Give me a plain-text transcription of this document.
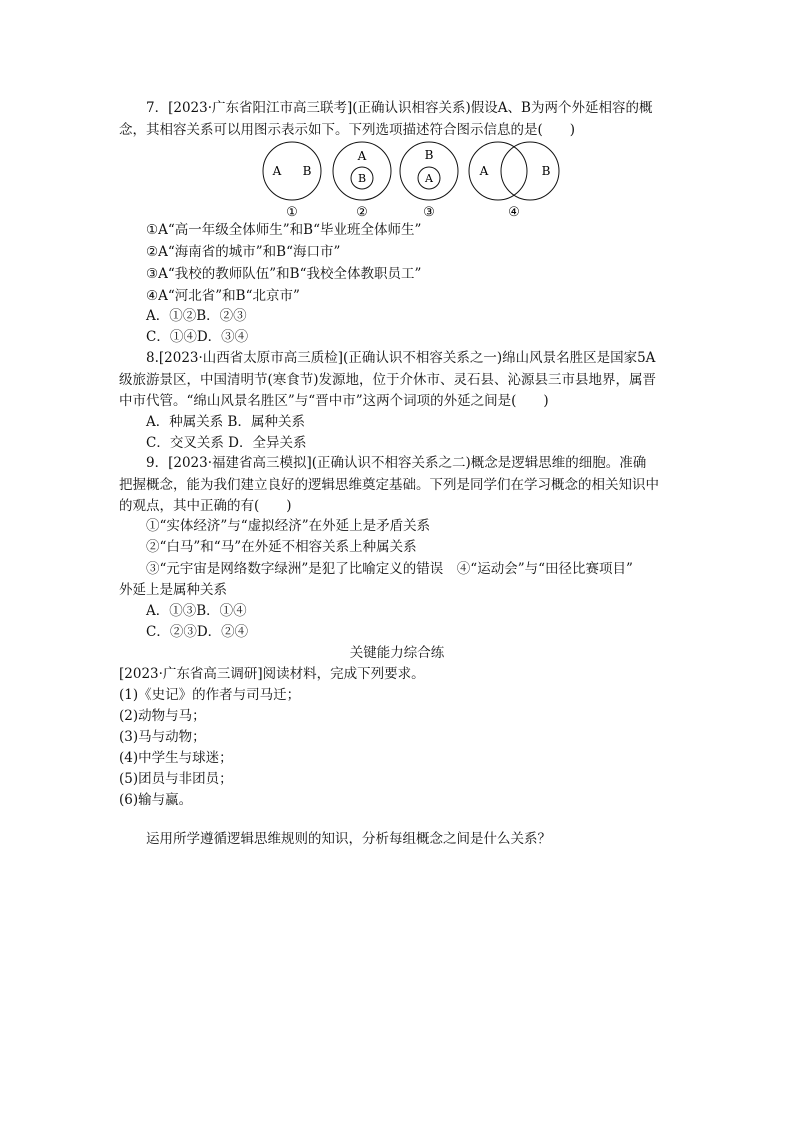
7．[2023·广东省阳江市高三联考](正确认识相容关系)假设A、B为两个外延相容的概
念，其相容关系可以用图示表示如下。下列选项描述符合图示信息的是(　　)
A B
①
A
B
②
B
A
③
A	B
④
①A“高一年级全体师生”和B“毕业班全体师生”
②A“海南省的城市”和B“海口市”
③A“我校的教师队伍”和B“我校全体教职员工”
④A“河北省”和B“北京市”
A．①②B．②③
C．①④D．③④
8.[2023·山西省太原市高三质检](正确认识不相容关系之一)绵山风景名胜区是国家5A
级旅游景区，中国清明节(寒食节)发源地，位于介休市、灵石县、沁源县三市县地界，属晋
中市代管。“绵山风景名胜区”与“晋中市”这两个词项的外延之间是(　　)
A．种属关系 B．属种关系
C．交叉关系 D．全异关系
9．[2023·福建省高三模拟](正确认识不相容关系之二)概念是逻辑思维的细胞。准确
把握概念，能为我们建立良好的逻辑思维奠定基础。下列是同学们在学习概念的相关知识中
的观点，其中正确的有(　　)
①“实体经济”与“虚拟经济”在外延上是矛盾关系
②“白马”和“马”在外延不相容关系上种属关系
③“元宇宙是网络数字绿洲”是犯了比喻定义的错误　④“运动会”与“田径比赛项目”
外延上是属种关系
A．①③B．①④
C．②③D．②④
关键能力综合练
[2023·广东省高三调研]阅读材料，完成下列要求。
(1)《史记》的作者与司马迁；
(2)动物与马；
(3)马与动物；
(4)中学生与球迷；
(5)团员与非团员；
(6)输与赢。
运用所学遵循逻辑思维规则的知识，分析每组概念之间是什么关系？
